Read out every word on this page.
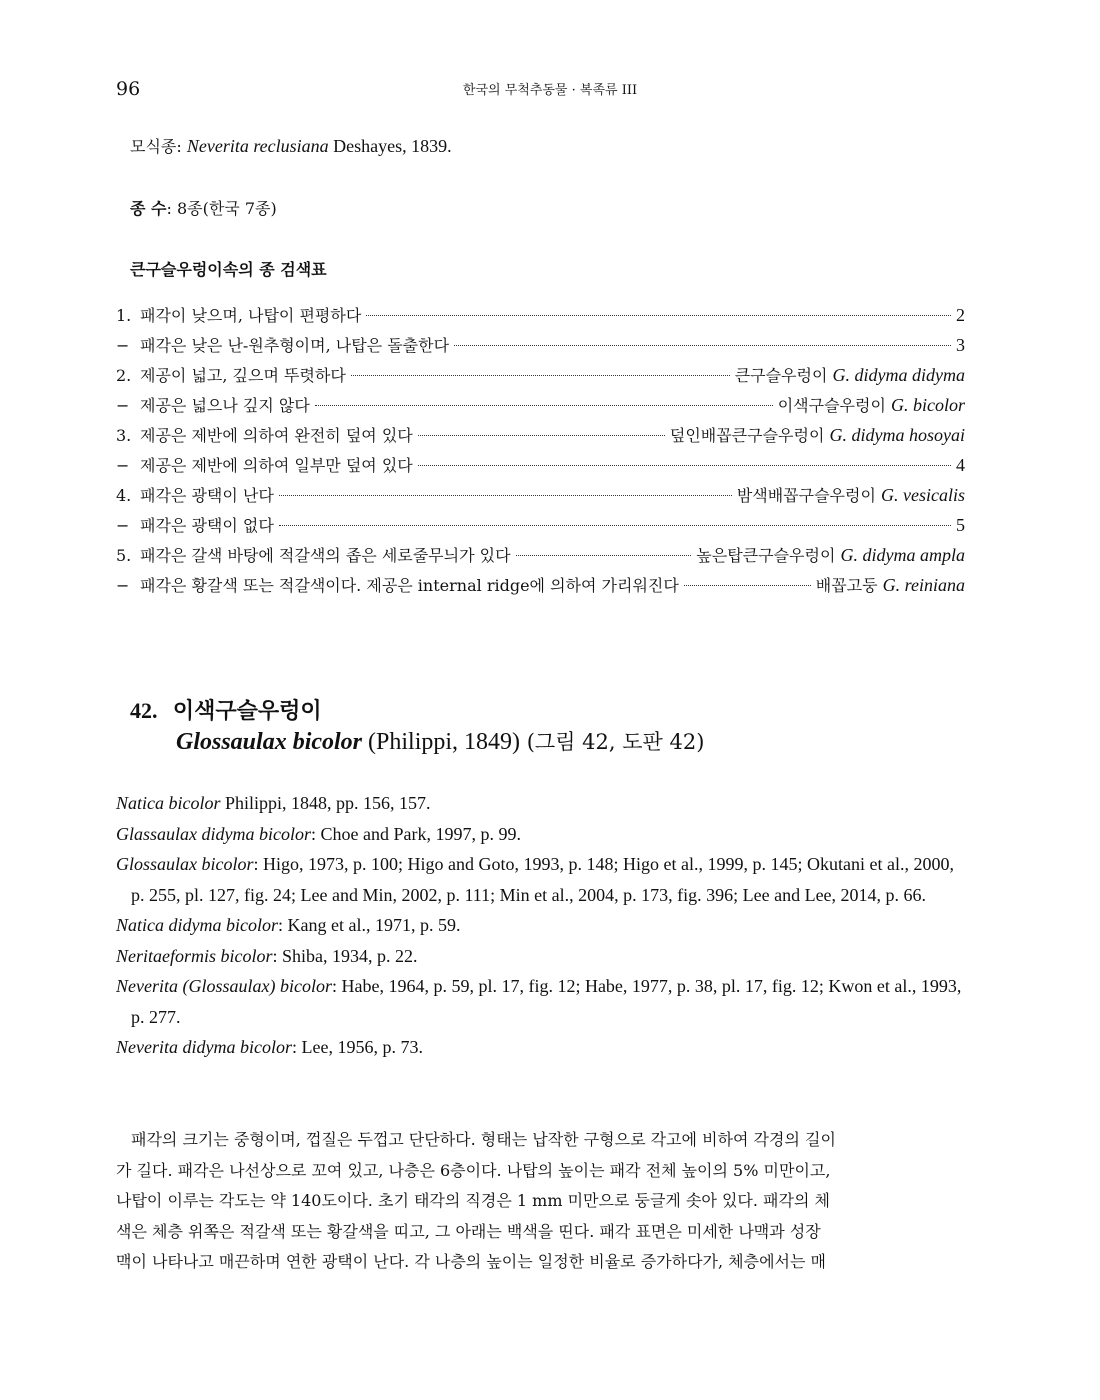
96	한국의 무척추동물 · 복족류 III
모식종: Neverita reclusiana Deshayes, 1839.
종 수: 8종(한국 7종)
큰구슬우렁이속의 종 검색표
1. 패각이 낮으며, 나탑이 편평하다	2
− 패각은 낮은 난-원추형이며, 나탑은 돌출한다	3
2. 제공이 넓고, 깊으며 뚜렷하다	큰구슬우렁이 G. didyma didyma
− 제공은 넓으나 깊지 않다	이색구슬우렁이 G. bicolor
3. 제공은 제반에 의하여 완전히 덮여 있다	덮인배꼽큰구슬우렁이 G. didyma hosoyai
− 제공은 제반에 의하여 일부만 덮여 있다	4
4. 패각은 광택이 난다	밤색배꼽구슬우렁이 G. vesicalis
− 패각은 광택이 없다	5
5. 패각은 갈색 바탕에 적갈색의 좁은 세로줄무늬가 있다	높은탑큰구슬우렁이 G. didyma ampla
− 패각은 황갈색 또는 적갈색이다. 제공은 internal ridge에 의하여 가리워진다	배꼽고둥 G. reiniana
42. 이색구슬우렁이
Glossaulax bicolor (Philippi, 1849) (그림 42, 도판 42)

Natica bicolor Philippi, 1848, pp. 156, 157.

Glassaulax didyma bicolor: Choe and Park, 1997, p. 99.

Glossaulax bicolor: Higo, 1973, p. 100; Higo and Goto, 1993, p. 148; Higo et al., 1999, p. 145; Okutani et al., 2000, p. 255, pl. 127, fig. 24; Lee and Min, 2002, p. 111; Min et al., 2004, p. 173, fig. 396; Lee and Lee, 2014, p. 66.

Natica didyma bicolor: Kang et al., 1971, p. 59.

Neritaeformis bicolor: Shiba, 1934, p. 22.

Neverita (Glossaulax) bicolor: Habe, 1964, p. 59, pl. 17, fig. 12; Habe, 1977, p. 38, pl. 17, fig. 12; Kwon et al., 1993, p. 277.

Neverita didyma bicolor: Lee, 1956, p. 73.

패각의 크기는 중형이며, 껍질은 두껍고 단단하다. 형태는 납작한 구형으로 각고에 비하여 각경의 길이
가 길다. 패각은 나선상으로 꼬여 있고, 나층은 6층이다. 나탑의 높이는 패각 전체 높이의 5% 미만이고,
나탑이 이루는 각도는 약 140도이다. 초기 태각의 직경은 1 mm 미만으로 둥글게 솟아 있다. 패각의 체
색은 체층 위쪽은 적갈색 또는 황갈색을 띠고, 그 아래는 백색을 띤다. 패각 표면은 미세한 나맥과 성장
맥이 나타나고 매끈하며 연한 광택이 난다. 각 나층의 높이는 일정한 비율로 증가하다가, 체층에서는 매
